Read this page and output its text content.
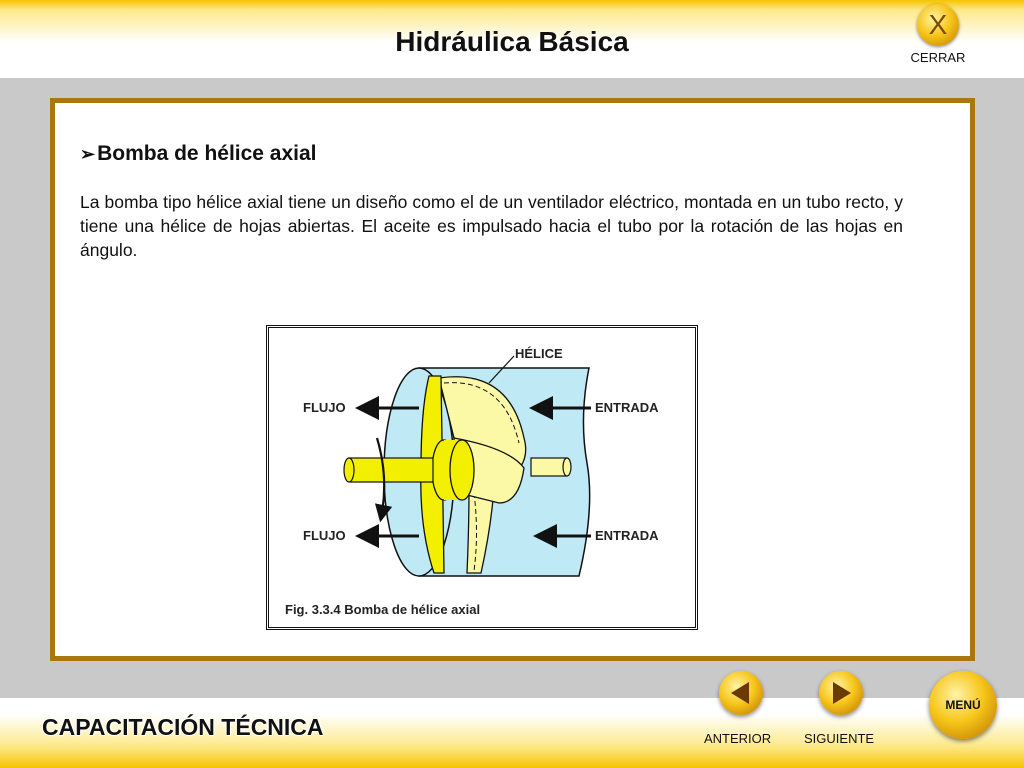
Hidráulica Básica
X
CERRAR
➢Bomba de hélice axial
La bomba tipo hélice axial tiene un diseño como el de un ventilador eléctrico, montada en un tubo recto, y tiene una hélice de hojas abiertas. El aceite es impulsado hacia el tubo por la rotación de las hojas en ángulo.
HÉLICE
FLUJO
FLUJO
ENTRADA
ENTRADA
Fig. 3.3.4 Bomba de hélice axial
CAPACITACIÓN TÉCNICA	ANTERIOR	SIGUIENTE
MENÚ
